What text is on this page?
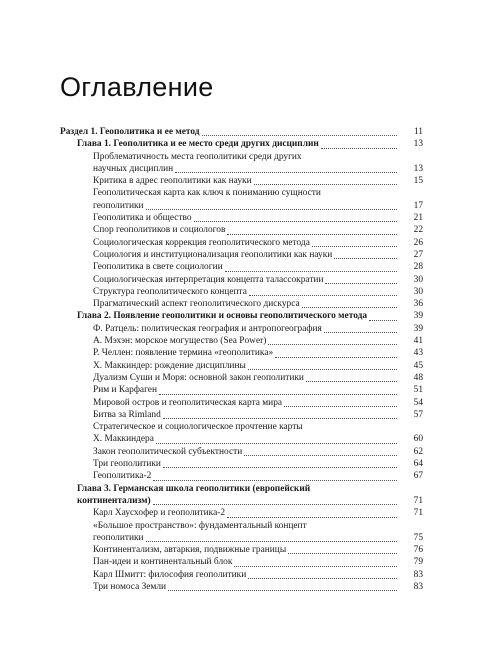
Оглавление
Раздел 1. Геополитика и ее метод	11
Глава 1. Геополитика и ее место среди других дисциплин	13
Проблематичность места геополитики среди других
научных дисциплин	13
Критика в адрес геополитики как науки	15
Геополитическая карта как ключ к пониманию сущности
геополитики	17
Геополитика и общество	21
Спор геополитиков и социологов	22
Социологическая коррекция геополитического метода	26
Социология и институционализация геополитики как науки	27
Геополитика в свете социологии	28
Социологическая интерпретация концепта талассократии	30
Структура геополитического концепта	30
Прагматический аспект геополитического дискурса	36
Глава 2. Появление геополитики и основы геополитического метода	39
Ф. Ратцель: политическая география и антропогеография	39
А. Мэхэн: морское могущество (Sea Power)	41
Р. Челлен: появление термина «геополитика»	43
Х. Маккиндер: рождение дисциплины	45
Дуализм Суши и Моря: основной закон геополитики	48
Рим и Карфаген	51
Мировой остров и геополитическая карта мира	54
Битва за Rimland	57
Стратегическое и социологическое прочтение карты
Х. Маккиндера	60
Закон геополитической субъектности	62
Три геополитики	64
Геополитика-2	67
Глава 3. Германская школа геополитики (европейский
континентализм)	71
Карл Хаусхофер и геополитика-2	71
«Большое пространство»: фундаментальный концепт
геополитики	75
Континентализм, автаркия, подвижные границы	76
Пан-идеи и континентальный блок	79
Карл Шмитт: философия геополитики	83
Три номоса Земли	83
